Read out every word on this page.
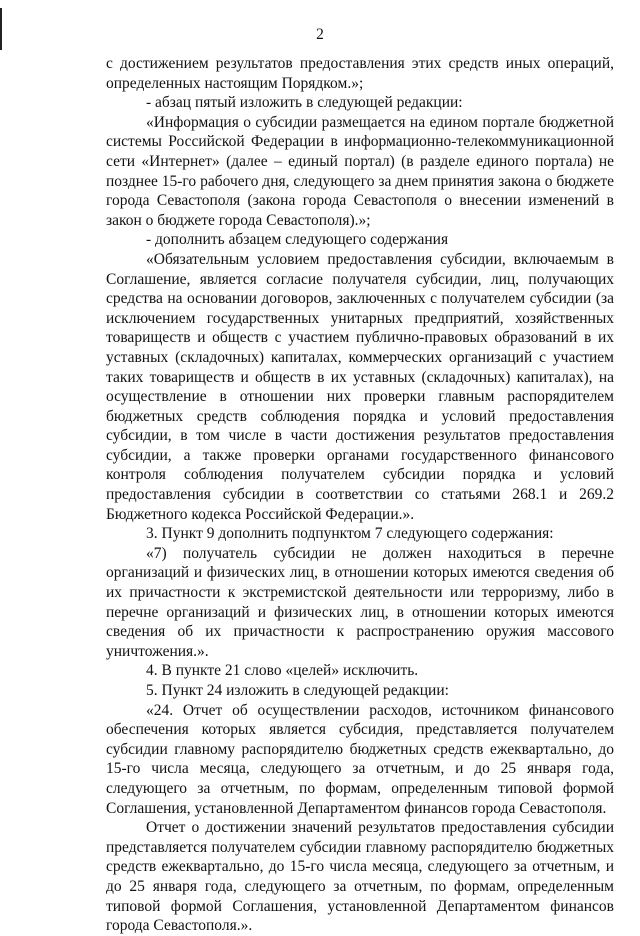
2

с достижением результатов предоставления этих средств иных операций, определенных настоящим Порядком.»;

- абзац пятый изложить в следующей редакции:

«Информация о субсидии размещается на едином портале бюджетной системы Российской Федерации в информационно-телекоммуникационной сети «Интернет» (далее – единый портал) (в разделе единого портала) не позднее 15-го рабочего дня, следующего за днем принятия закона о бюджете города Севастополя (закона города Севастополя о внесении изменений в закон о бюджете города Севастополя).»;

- дополнить абзацем следующего содержания

«Обязательным условием предоставления субсидии, включаемым в Соглашение, является согласие получателя субсидии, лиц, получающих средства на основании договоров, заключенных с получателем субсидии (за исключением государственных унитарных предприятий, хозяйственных товариществ и обществ с участием публично-правовых образований в их уставных (складочных) капиталах, коммерческих организаций с участием таких товариществ и обществ в их уставных (складочных) капиталах), на осуществление в отношении них проверки главным распорядителем бюджетных средств соблюдения порядка и условий предоставления субсидии, в том числе в части достижения результатов предоставления субсидии, а также проверки органами государственного финансового контроля соблюдения получателем субсидии порядка и условий предоставления субсидии в соответствии со статьями 268.1 и 269.2 Бюджетного кодекса Российской Федерации.».

3. Пункт 9 дополнить подпунктом 7 следующего содержания:

«7) получатель субсидии не должен находиться в перечне организаций и физических лиц, в отношении которых имеются сведения об их причастности к экстремистской деятельности или терроризму, либо в перечне организаций и физических лиц, в отношении которых имеются сведения об их причастности к распространению оружия массового уничтожения.».

4. В пункте 21 слово «целей» исключить.

5. Пункт 24 изложить в следующей редакции:

«24. Отчет об осуществлении расходов, источником финансового обеспечения которых является субсидия, представляется получателем субсидии главному распорядителю бюджетных средств ежеквартально, до 15-го числа месяца, следующего за отчетным, и до 25 января года, следующего за отчетным, по формам, определенным типовой формой Соглашения, установленной Департаментом финансов города Севастополя.

Отчет о достижении значений результатов предоставления субсидии представляется получателем субсидии главному распорядителю бюджетных средств ежеквартально, до 15-го числа месяца, следующего за отчетным, и до 25 января года, следующего за отчетным, по формам, определенным типовой формой Соглашения, установленной Департаментом финансов города Севастополя.».
